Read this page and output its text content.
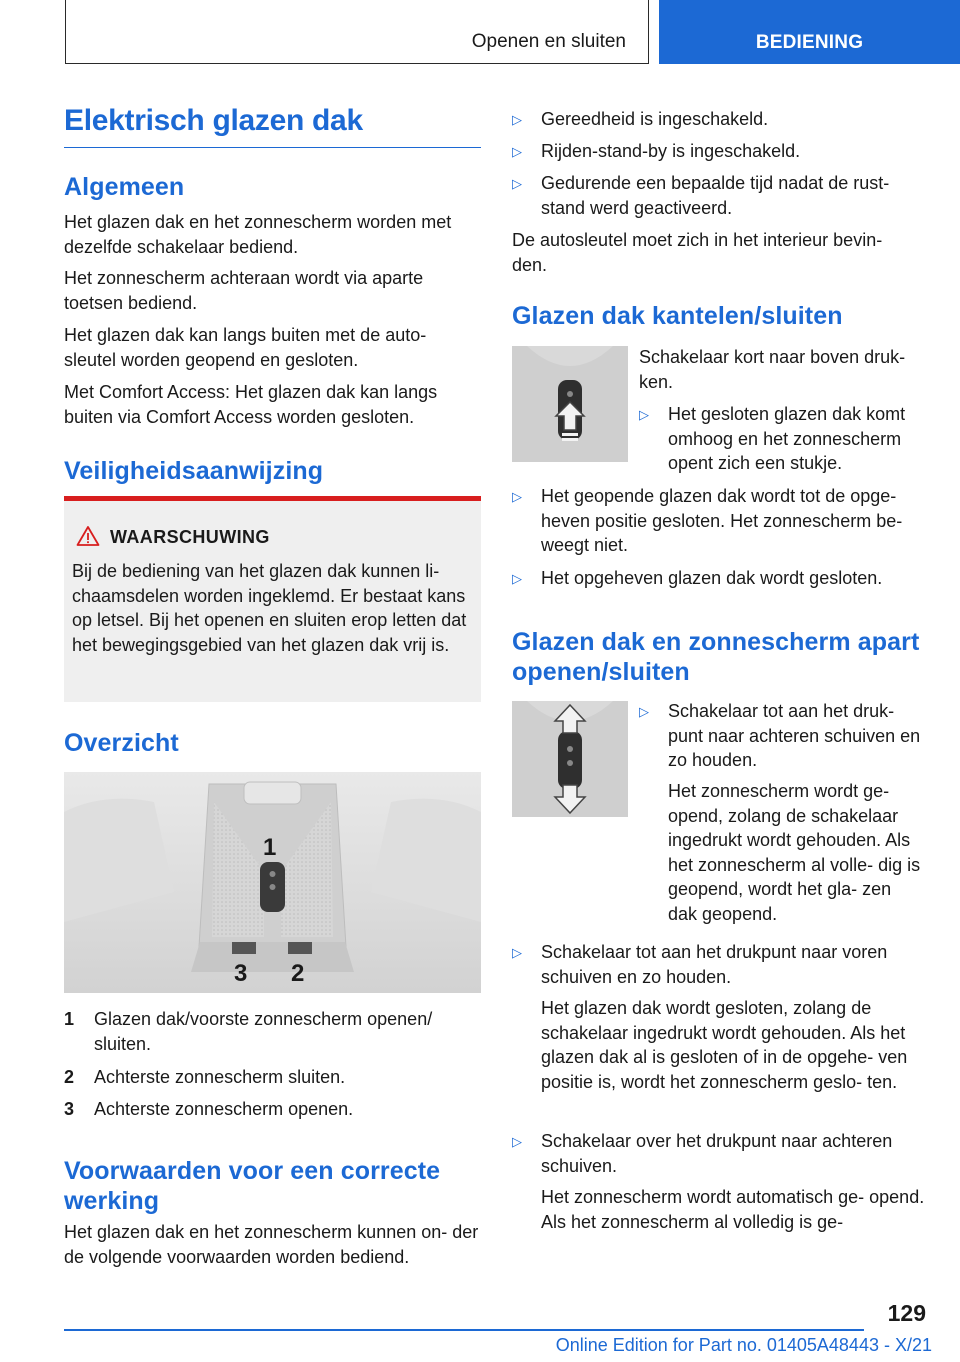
Openen en sluiten	BEDIENING
Elektrisch glazen dak
Algemeen
Het glazen dak en het zonnescherm worden met dezelfde schakelaar bediend.
Het zonnescherm achteraan wordt via aparte toetsen bediend.
Het glazen dak kan langs buiten met de auto- sleutel worden geopend en gesloten.
Met Comfort Access: Het glazen dak kan langs buiten via Comfort Access worden gesloten.
Veiligheidsaanwijzing
WAARSCHUWING
Bij de bediening van het glazen dak kunnen li- chaamsdelen worden ingeklemd. Er bestaat kans op letsel. Bij het openen en sluiten erop letten dat het bewegingsgebied van het glazen dak vrij is.
Overzicht
1
3 2
1 Glazen dak/voorste zonnescherm openen/ sluiten.
2 Achterste zonnescherm sluiten.
3 Achterste zonnescherm openen.
Voorwaarden voor een correcte werking
Het glazen dak en het zonnescherm kunnen on- der de volgende voorwaarden worden bediend.
▷ Gereedheid is ingeschakeld.
▷ Rijden-stand-by is ingeschakeld.
▷ Gedurende een bepaalde tijd nadat de rust- stand werd geactiveerd.
De autosleutel moet zich in het interieur bevin- den.
Glazen dak kantelen/sluiten
Schakelaar kort naar boven druk- ken.
▷ Het gesloten glazen dak komt omhoog en het zonnescherm opent zich een stukje.
▷ Het geopende glazen dak wordt tot de opge- heven positie gesloten. Het zonnescherm be- weegt niet.
▷ Het opgeheven glazen dak wordt gesloten.
Glazen dak en zonnescherm apart openen/sluiten
▷ Schakelaar tot aan het druk- punt naar achteren schuiven en zo houden.
Het zonnescherm wordt ge- opend, zolang de schakelaar ingedrukt wordt gehouden. Als het zonnescherm al volle- dig is geopend, wordt het gla- zen dak geopend.
▷ Schakelaar tot aan het drukpunt naar voren schuiven en zo houden.
Het glazen dak wordt gesloten, zolang de schakelaar ingedrukt wordt gehouden. Als het glazen dak al is gesloten of in de opgehe- ven positie is, wordt het zonnescherm geslo- ten.
▷ Schakelaar over het drukpunt naar achteren schuiven.
Het zonnescherm wordt automatisch ge- opend. Als het zonnescherm al volledig is ge-
129
Online Edition for Part no. 01405A48443 - X/21
